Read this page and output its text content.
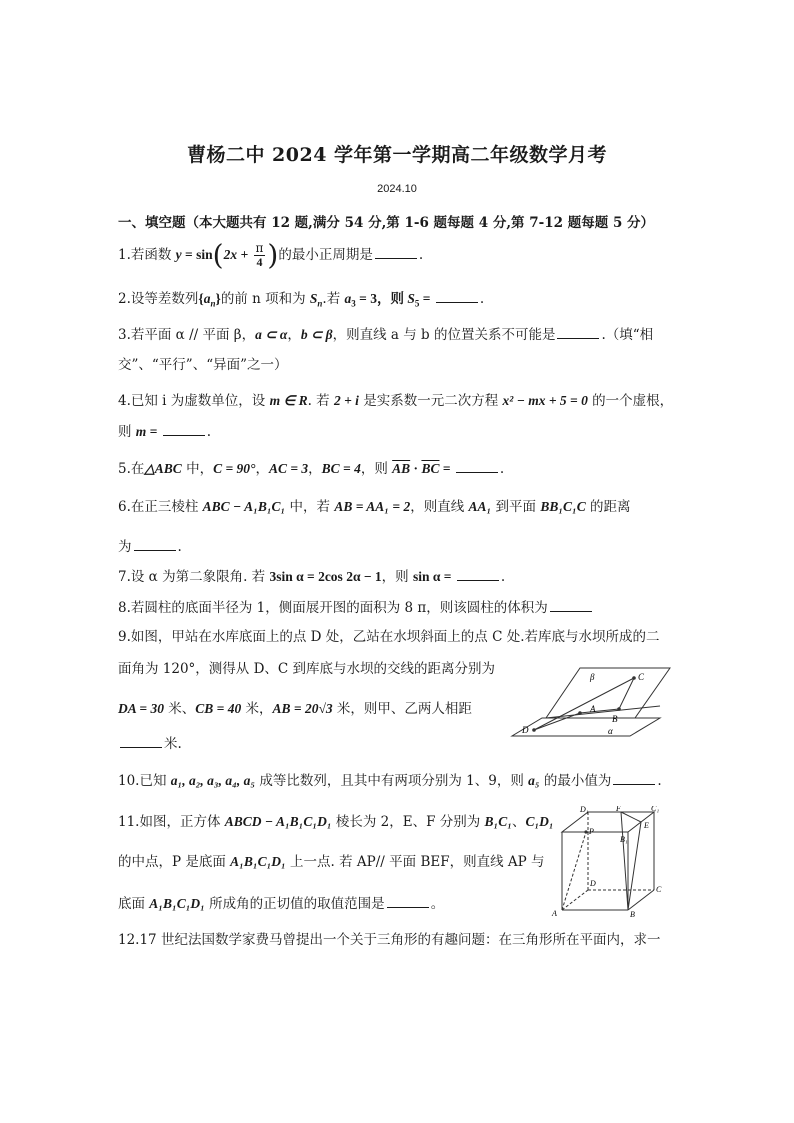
曹杨二中 2024 学年第一学期高二年级数学月考
2024.10
一、填空题（本大题共有 12 题,满分 54 分,第 1-6 题每题 4 分,第 7-12 题每题 5 分）
1.若函数 $y = \sin(2x + \frac{\pi}{4}$ )的最小正周期是	.
2.设等差数列$\{a_n\}$的前 n 项和为 $S_n$.若 $a_3 = 3$，则 $S_5$ =	.
3.若平面 α // 平面 β，a ⊂ α，b ⊂ β，则直线 a 与 b 的位置关系不可能是	.（填“相
交”、“平行”、“异面”之一）
4.已知 i 为虚数单位，设 m ∈ R. 若 2 + i 是实系数一元二次方程 x² − mx + 5 = 0 的一个虚根，
则 m =	.
5.在△ABC 中，C = 90°，AC = 3，BC = 4，则 $\overline{AB} \cdot \overline{BC}$ =	.
6.在正三棱柱 ABC − A₁B₁C₁ 中，若 AB = AA₁ = 2，则直线 AA₁ 到平面 BB₁C₁C 的距离
为	.
7.设 α 为第二象限角. 若 3sin α = 2cos 2α − 1，则 sin α =	.
8.若圆柱的底面半径为 1，侧面展开图的面积为 8 π，则该圆柱的体积为
9.如图，甲站在水库底面上的点 D 处，乙站在水坝斜面上的点 C 处.若库底与水坝所成的二
面角为 120°，测得从 D、C 到库底与水坝的交线的距离分别为
DA = 30 米、CB = 40 米，AB = 20√3 米，则甲、乙两人相距
米.
β	C
A
B
D	α
10.已知 a₁, a₂, a₃, a₄, a₅ 成等比数列，且其中有两项分别为 1、9，则 a₅ 的最小值为	.
11.如图，正方体 ABCD − A₁B₁C₁D₁ 棱长为 2，E、F 分别为 B₁C₁、C₁D₁
的中点，P 是底面 A₁B₁C₁D₁ 上一点. 若 AP// 平面 BEF，则直线 AP 与
底面 A₁B₁C₁D₁ 所成角的正切值的取值范围是	。
D₁	F	C₁
P
E
B₁
D
C
A	B
12.17 世纪法国数学家费马曾提出一个关于三角形的有趣问题：在三角形所在平面内，求一
